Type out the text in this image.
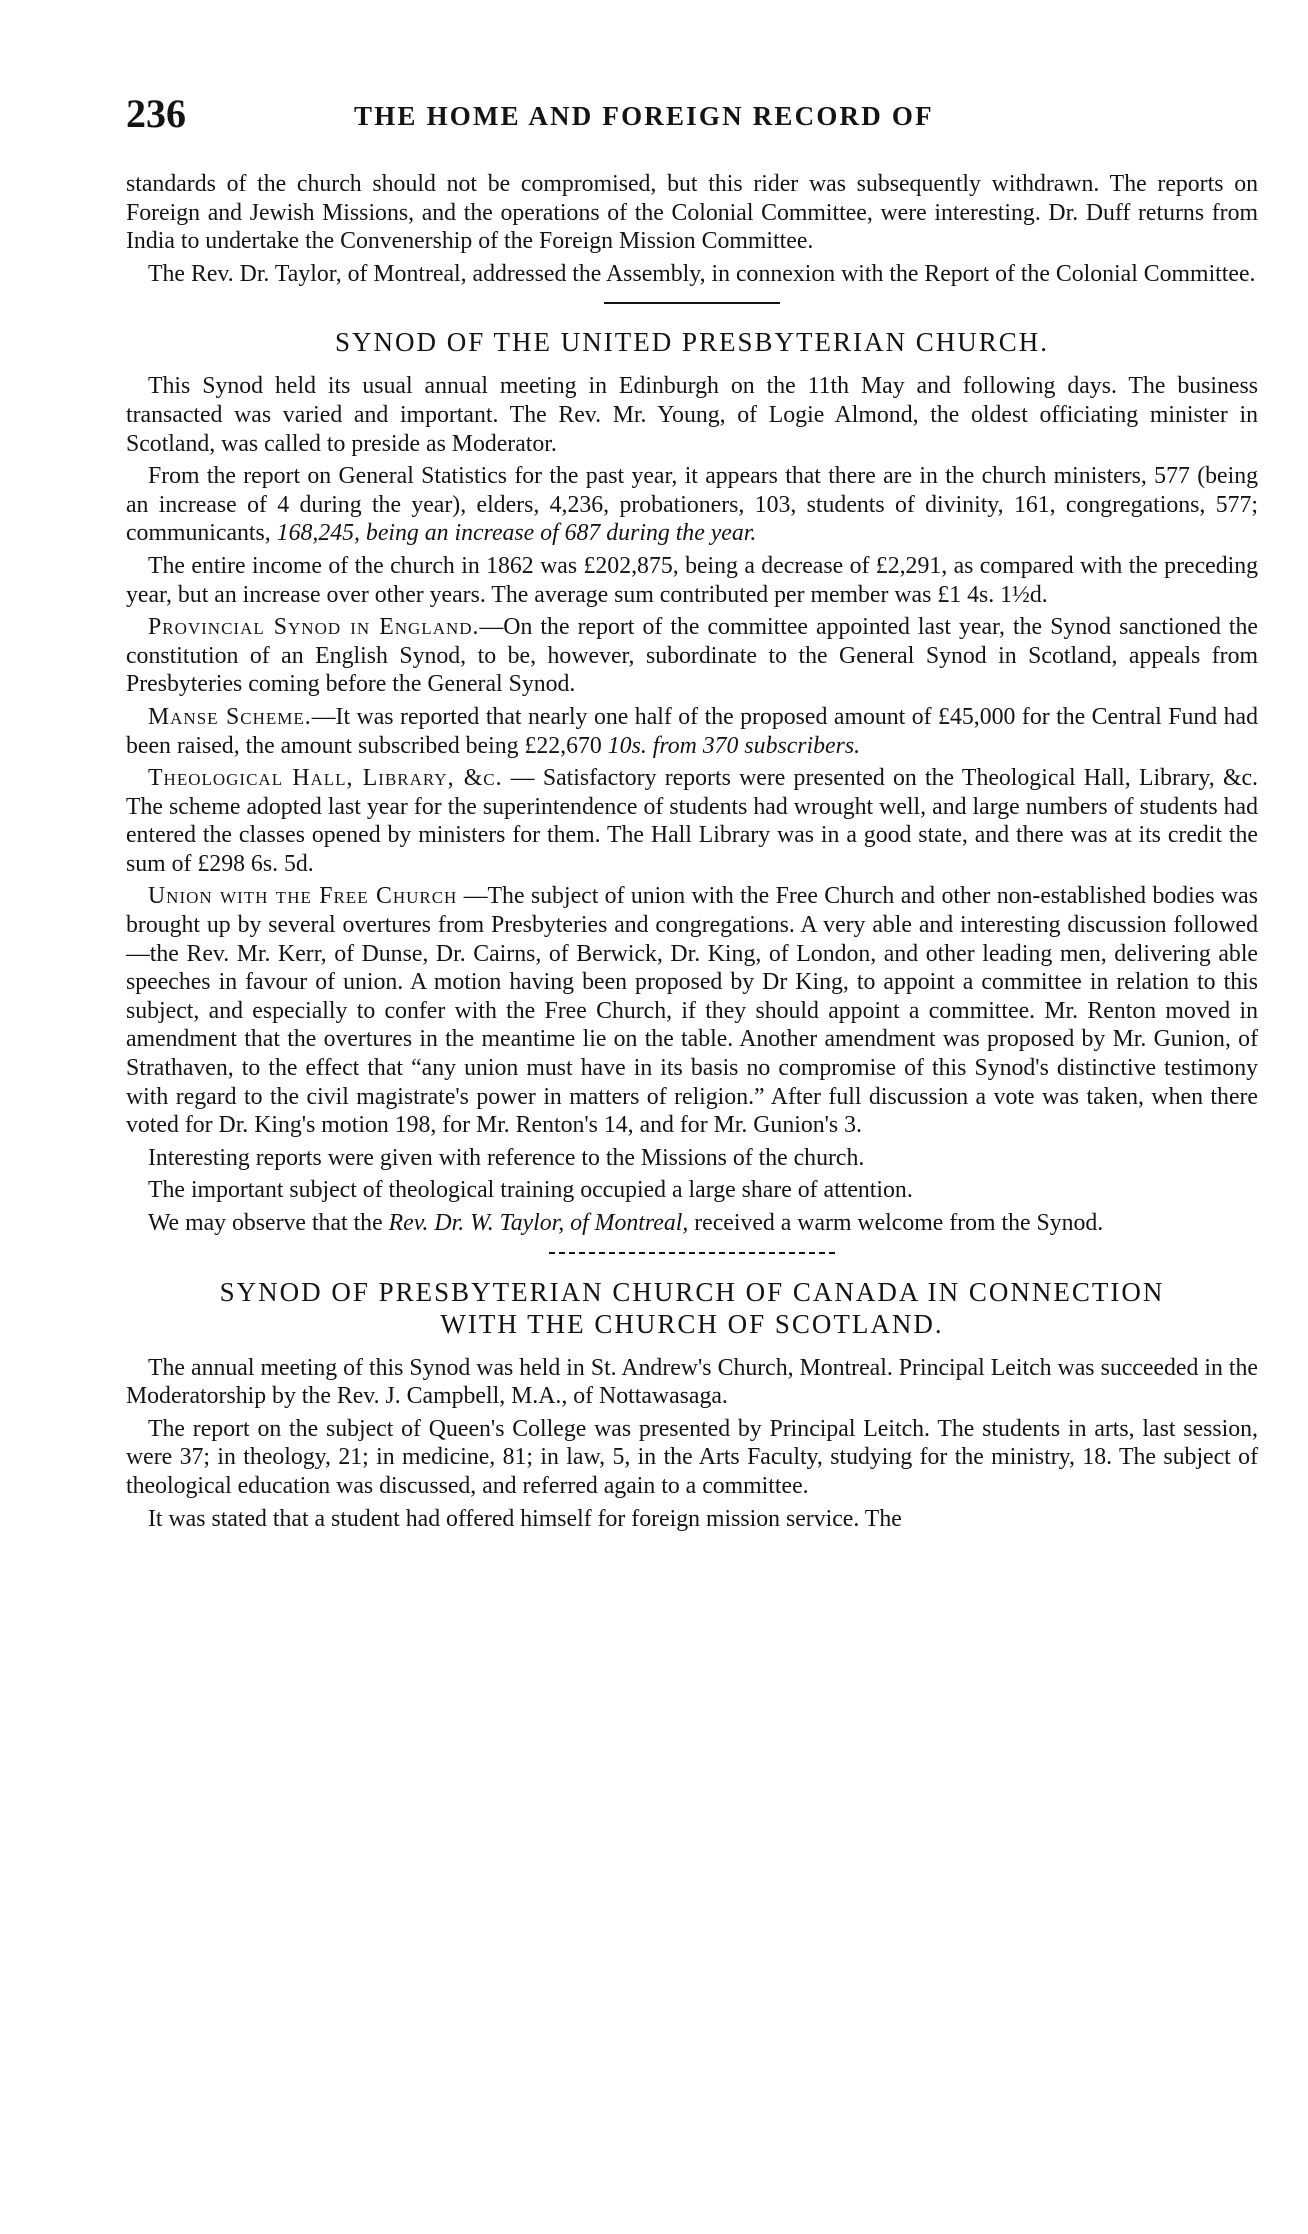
236	THE HOME AND FOREIGN RECORD OF

standards of the church should not be compromised, but this rider was subsequently withdrawn. The reports on Foreign and Jewish Missions, and the operations of the Colonial Committee, were interesting. Dr. Duff returns from India to undertake the Convenership of the Foreign Mission Committee.

The Rev. Dr. Taylor, of Montreal, addressed the Assembly, in connexion with the Report of the Colonial Committee.

SYNOD OF THE UNITED PRESBYTERIAN CHURCH.

This Synod held its usual annual meeting in Edinburgh on the 11th May and following days. The business transacted was varied and important. The Rev. Mr. Young, of Logie Almond, the oldest officiating minister in Scotland, was called to preside as Moderator.

From the report on General Statistics for the past year, it appears that there are in the church ministers, 577 (being an increase of 4 during the year), elders, 4,236, probationers, 103, students of divinity, 161, congregations, 577; communicants, 168,245, being an increase of 687 during the year.

The entire income of the church in 1862 was £202,875, being a decrease of £2,291, as compared with the preceding year, but an increase over other years. The average sum contributed per member was £1 4s. 1½d.

Provincial Synod in England.—On the report of the committee appointed last year, the Synod sanctioned the constitution of an English Synod, to be, however, subordinate to the General Synod in Scotland, appeals from Presbyteries coming before the General Synod.

Manse Scheme.—It was reported that nearly one half of the proposed amount of £45,000 for the Central Fund had been raised, the amount subscribed being £22,670 10s. from 370 subscribers.

Theological Hall, Library, &c. — Satisfactory reports were presented on the Theological Hall, Library, &c. The scheme adopted last year for the superintendence of students had wrought well, and large numbers of students had entered the classes opened by ministers for them. The Hall Library was in a good state, and there was at its credit the sum of £298 6s. 5d.

Union with the Free Church —The subject of union with the Free Church and other non-established bodies was brought up by several overtures from Presbyteries and congregations. A very able and interesting discussion followed—the Rev. Mr. Kerr, of Dunse, Dr. Cairns, of Berwick, Dr. King, of London, and other leading men, delivering able speeches in favour of union. A motion having been proposed by Dr King, to appoint a committee in relation to this subject, and especially to confer with the Free Church, if they should appoint a committee. Mr. Renton moved in amendment that the overtures in the meantime lie on the table. Another amendment was proposed by Mr. Gunion, of Strathaven, to the effect that “any union must have in its basis no compromise of this Synod's distinctive testimony with regard to the civil magistrate's power in matters of religion.” After full discussion a vote was taken, when there voted for Dr. King's motion 198, for Mr. Renton's 14, and for Mr. Gunion's 3.

Interesting reports were given with reference to the Missions of the church.

The important subject of theological training occupied a large share of attention.

We may observe that the Rev. Dr. W. Taylor, of Montreal, received a warm welcome from the Synod.

SYNOD OF PRESBYTERIAN CHURCH OF CANADA IN CONNECTION
WITH THE CHURCH OF SCOTLAND.

The annual meeting of this Synod was held in St. Andrew's Church, Montreal. Principal Leitch was succeeded in the Moderatorship by the Rev. J. Campbell, M.A., of Nottawasaga.

The report on the subject of Queen's College was presented by Principal Leitch. The students in arts, last session, were 37; in theology, 21; in medicine, 81; in law, 5, in the Arts Faculty, studying for the ministry, 18. The subject of theological education was discussed, and referred again to a committee.

It was stated that a student had offered himself for foreign mission service. The
